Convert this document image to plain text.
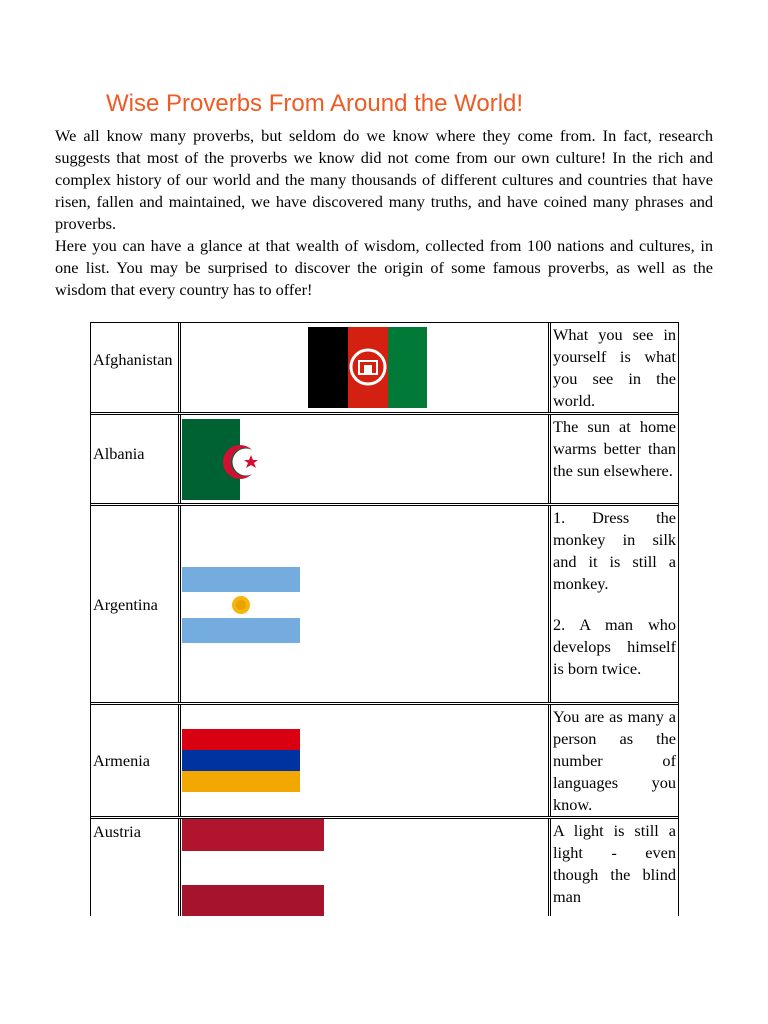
Wise Proverbs From Around the World!

We all know many proverbs, but seldom do we know where they come from. In fact, research suggests that most of the proverbs we know did not come from our own culture! In the rich and complex history of our world and the many thousands of different cultures and countries that have risen, fallen and maintained, we have discovered many truths, and have coined many phrases and proverbs.

Here you can have a glance at that wealth of wisdom, collected from 100 nations and cultures, in one list. You may be surprised to discover the origin of some famous proverbs, as well as the wisdom that every country has to offer!

Afghanistan

What you see in yourself is what you see in the world.

Albania

The sun at home warms better than the sun elsewhere.

Argentina

1. Dress the monkey in silk and it is still a monkey.

2. A man who develops himself is born twice.

Armenia

You are as many a person as the number of languages you know.

Austria	A light is still a light - even though the blind man
